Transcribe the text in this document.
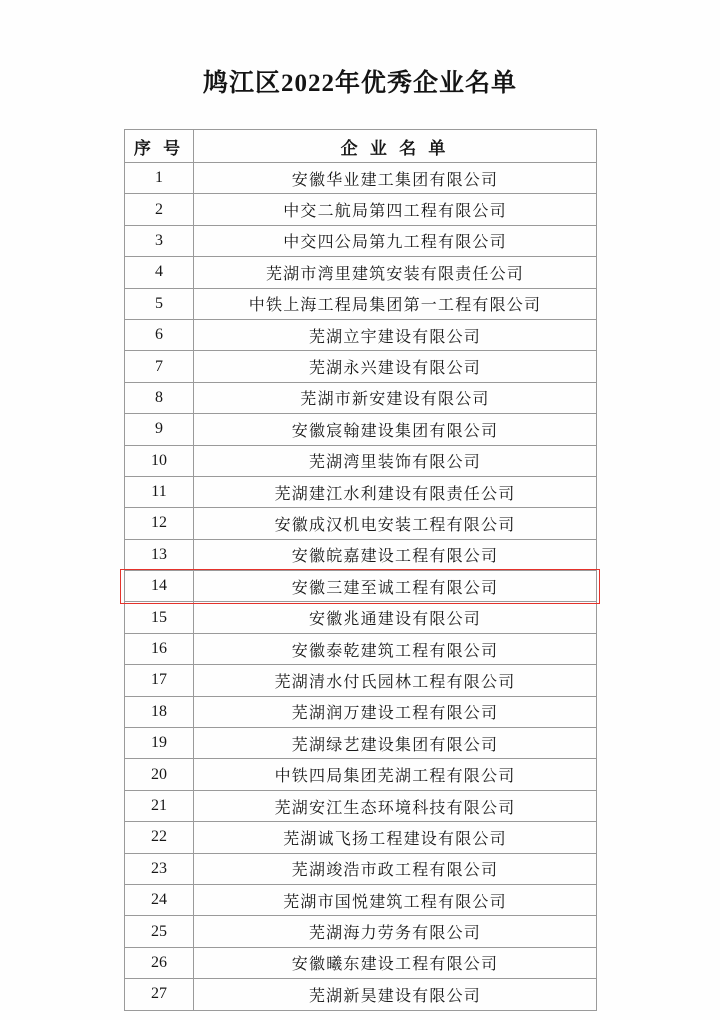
鸠江区2022年优秀企业名单
序 号	企 业 名 单
1	安徽华业建工集团有限公司
2	中交二航局第四工程有限公司
3	中交四公局第九工程有限公司
4	芜湖市湾里建筑安装有限责任公司
5	中铁上海工程局集团第一工程有限公司
6	芜湖立宇建设有限公司
7	芜湖永兴建设有限公司
8	芜湖市新安建设有限公司
9	安徽宸翰建设集团有限公司
10	芜湖湾里装饰有限公司
11	芜湖建江水利建设有限责任公司
12	安徽成汉机电安装工程有限公司
13	安徽皖嘉建设工程有限公司
14	安徽三建至诚工程有限公司
15	安徽兆通建设有限公司
16	安徽泰乾建筑工程有限公司
17	芜湖清水付氏园林工程有限公司
18	芜湖润万建设工程有限公司
19	芜湖绿艺建设集团有限公司
20	中铁四局集团芜湖工程有限公司
21	芜湖安江生态环境科技有限公司
22	芜湖诚飞扬工程建设有限公司
23	芜湖竣浩市政工程有限公司
24	芜湖市国悦建筑工程有限公司
25	芜湖海力劳务有限公司
26	安徽曦东建设工程有限公司
27	芜湖新昊建设有限公司
